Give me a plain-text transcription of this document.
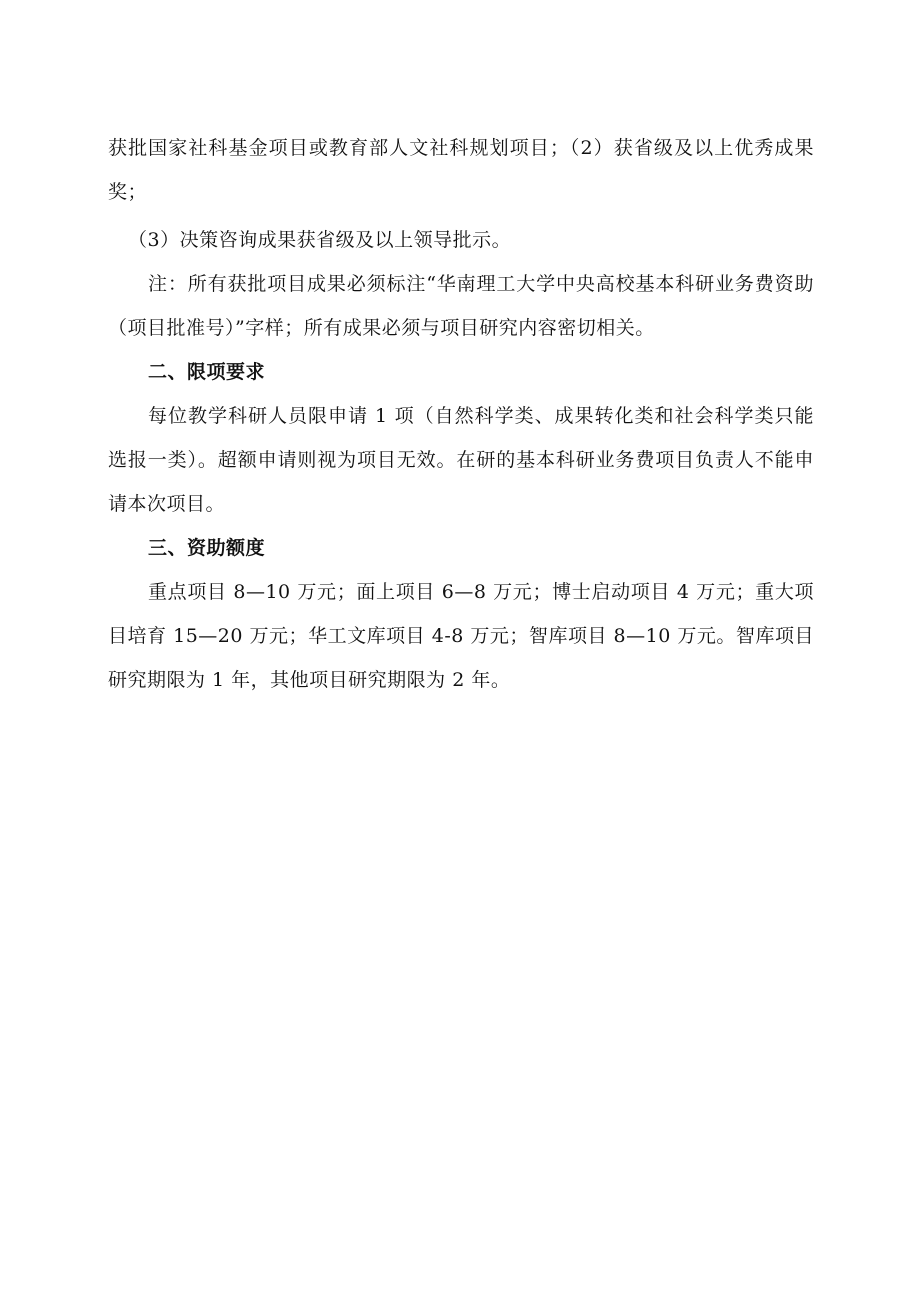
获批国家社科基金项目或教育部人文社科规划项目；（2）获省级及以上优秀成果奖；

（3）决策咨询成果获省级及以上领导批示。

注：所有获批项目成果必须标注“华南理工大学中央高校基本科研业务费资助（项目批准号）”字样；所有成果必须与项目研究内容密切相关。

二、限项要求

每位教学科研人员限申请 1 项（自然科学类、成果转化类和社会科学类只能选报一类）。超额申请则视为项目无效。在研的基本科研业务费项目负责人不能申请本次项目。

三、资助额度

重点项目 8—10 万元；面上项目 6—8 万元；博士启动项目 4 万元；重大项目培育 15—20 万元；华工文库项目 4-8 万元；智库项目 8—10 万元。智库项目研究期限为 1 年，其他项目研究期限为 2 年。
